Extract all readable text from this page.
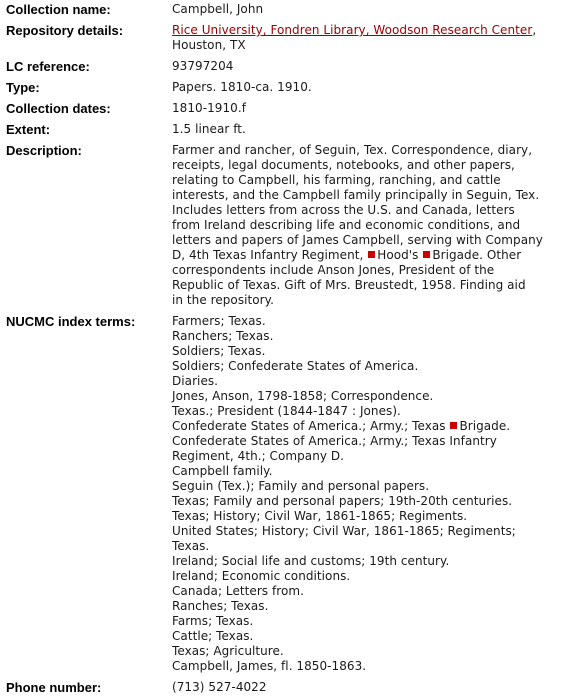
Collection name:	Campbell, John
Repository details:	Rice University, Fondren Library, Woodson Research Center,
Houston, TX
LC reference:	93797204
Type:	Papers. 1810-ca. 1910.
Collection dates:	1810-1910.f
Extent:	1.5 linear ft.
Description:	Farmer and rancher, of Seguin, Tex. Correspondence, diary,
receipts, legal documents, notebooks, and other papers,
relating to Campbell, his farming, ranching, and cattle
interests, and the Campbell family principally in Seguin, Tex.
Includes letters from across the U.S. and Canada, letters
from Ireland describing life and economic conditions, and
letters and papers of James Campbell, serving with Company
D, 4th Texas Infantry Regiment, Hood's Brigade. Other
correspondents include Anson Jones, President of the
Republic of Texas. Gift of Mrs. Breustedt, 1958. Finding aid
in the repository.
NUCMC index terms:	Farmers; Texas.
Ranchers; Texas.
Soldiers; Texas.
Soldiers; Confederate States of America.
Diaries.
Jones, Anson, 1798-1858; Correspondence.
Texas.; President (1844-1847 : Jones).
Confederate States of America.; Army.; Texas Brigade.
Confederate States of America.; Army.; Texas Infantry
Regiment, 4th.; Company D.
Campbell family.
Seguin (Tex.); Family and personal papers.
Texas; Family and personal papers; 19th-20th centuries.
Texas; History; Civil War, 1861-1865; Regiments.
United States; History; Civil War, 1861-1865; Regiments;
Texas.
Ireland; Social life and customs; 19th century.
Ireland; Economic conditions.
Canada; Letters from.
Ranches; Texas.
Farms; Texas.
Cattle; Texas.
Texas; Agriculture.
Campbell, James, fl. 1850-1863.
Phone number:	(713) 527-4022
